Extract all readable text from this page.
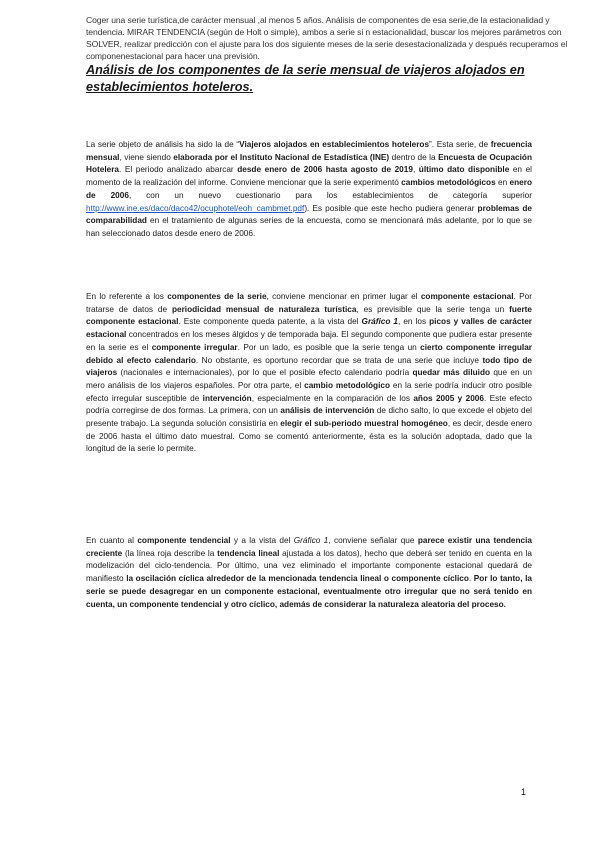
Coger una serie turística,de carácter mensual ,al menos 5 años. Análisis de componentes de esa serie,de la estacionalidad y tendencia. MIRAR TENDENCIA (según de Holt o simple), ambos a serie si n estacionalidad, buscar los mejores parámetros con SOLVER, realizar predicción con el ajuste para los dos siguiente meses de la serie desestacionalizada y después recuperamos el componenestacional para hacer una previsión.
Análisis de los componentes de la serie mensual de viajeros alojados en establecimientos hoteleros.
La serie objeto de análisis ha sido la de “Viajeros alojados en establecimientos hoteleros”. Esta serie, de frecuencia mensual, viene siendo elaborada por el Instituto Nacional de Estadística (INE) dentro de la Encuesta de Ocupación Hotelera. El periodo analizado abarcar desde enero de 2006 hasta agosto de 2019, último dato disponible en el momento de la realización del informe. Conviene mencionar que la serie experimentó cambios metodológicos en enero de 2006, con un nuevo cuestionario para los establecimientos de categoría superior http://www.ine.es/daco/daco42/ocuphotel/eoh_cambmet.pdf). Es posible que este hecho pudiera generar problemas de comparabilidad en el tratamiento de algunas series de la encuesta, como se mencionará más adelante, por lo que se han seleccionado datos desde enero de 2006.
En lo referente a los componentes de la serie, conviene mencionar en primer lugar el componente estacional. Por tratarse de datos de periodicidad mensual de naturaleza turística, es previsible que la serie tenga un fuerte componente estacional. Este componente queda patente, a la vista del Gráfico 1, en los picos y valles de carácter estacional concentrados en los meses álgidos y de temporada baja. El segundo componente que pudiera estar presente en la serie es el componente irregular. Por un lado, es posible que la serie tenga un cierto componente irregular debido al efecto calendario. No obstante, es oportuno recordar que se trata de una serie que incluye todo tipo de viajeros (nacionales e internacionales), por lo que el posible efecto calendario podría quedar más diluido que en un mero análisis de los viajeros españoles. Por otra parte, el cambio metodológico en la serie podría inducir otro posible efecto irregular susceptible de intervención, especialmente en la comparación de los años 2005 y 2006. Este efecto podría corregirse de dos formas. La primera, con un análisis de intervención de dicho salto, lo que excede el objeto del presente trabajo. La segunda solución consistiría en elegir el sub-periodo muestral homogéneo, es decir, desde enero de 2006 hasta el último dato muestral. Como se comentó anteriormente, ésta es la solución adoptada, dado que la longitud de la serie lo permite.
En cuanto al componente tendencial y a la vista del Gráfico 1, conviene señalar que parece existir una tendencia creciente (la línea roja describe la tendencia lineal ajustada a los datos), hecho que deberá ser tenido en cuenta en la modelización del ciclo-tendencia. Por último, una vez eliminado el importante componente estacional quedará de manifiesto la oscilación cíclica alrededor de la mencionada tendencia lineal o componente cíclico. Por lo tanto, la serie se puede desagregar en un componente estacional, eventualmente otro irregular que no será tenido en cuenta, un componente tendencial y otro cíclico, además de considerar la naturaleza aleatoria del proceso.
1
